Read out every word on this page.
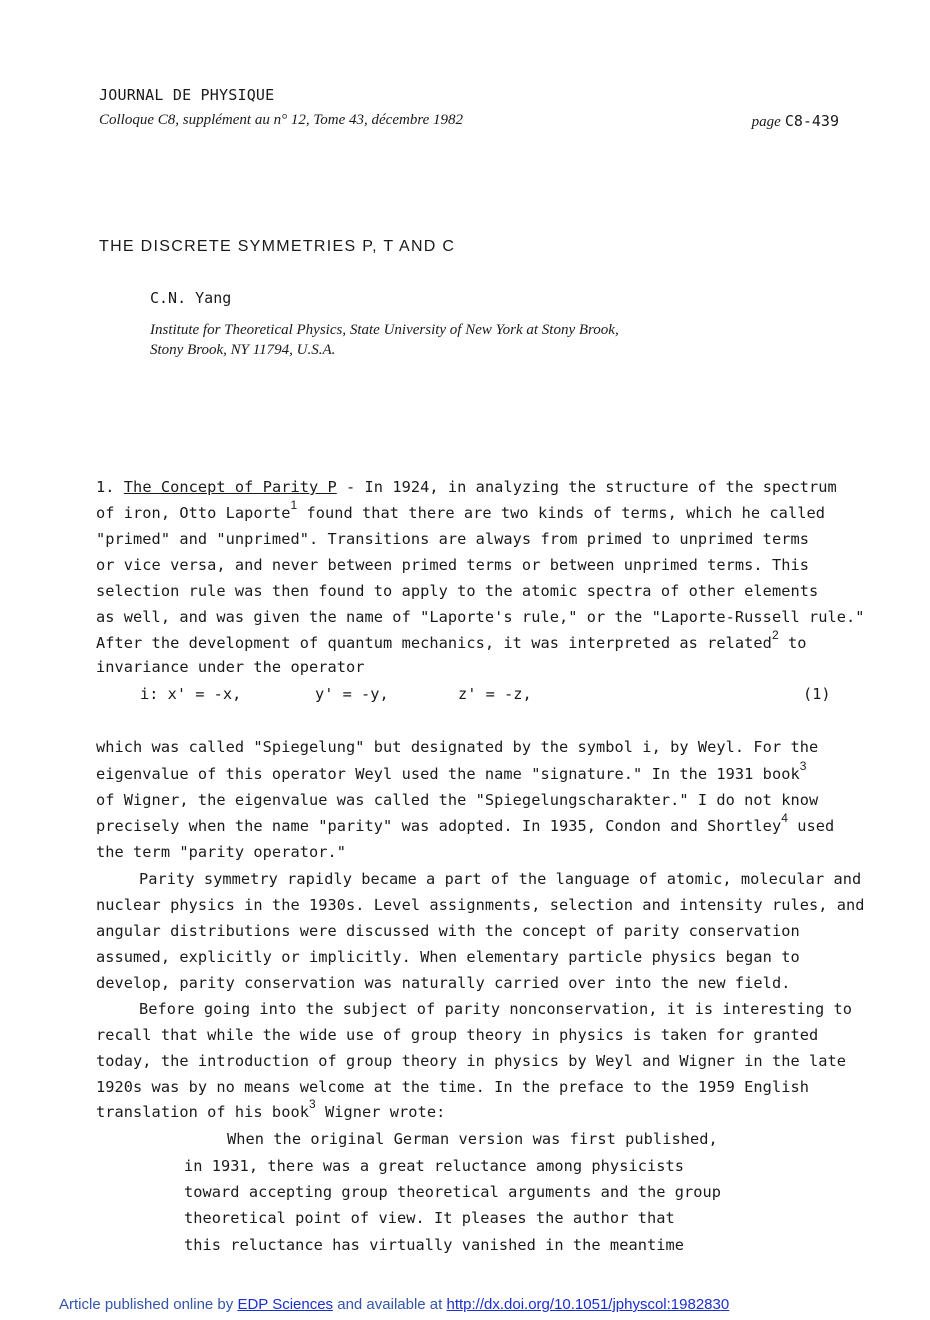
JOURNAL DE PHYSIQUE
Colloque C8, supplément au n° 12, Tome 43, décembre 1982	page C8-439
THE DISCRETE SYMMETRIES P, T AND C
C.N. Yang
Institute for Theoretical Physics, State University of New York at Stony Brook,
Stony Brook, NY 11794, U.S.A.
1. The Concept of Parity P - In 1924, in analyzing the structure of the spectrum
of iron, Otto Laporte$^1$ found that there are two kinds of terms, which he called
"primed" and "unprimed". Transitions are always from primed to unprimed terms
or vice versa, and never between primed terms or between unprimed terms. This
selection rule was then found to apply to the atomic spectra of other elements
as well, and was given the name of "Laporte's rule," or the "Laporte-Russell rule."
After the development of quantum mechanics, it was interpreted as related$^2$ to
invariance under the operator
i: x' = -x,	y' = -y,	z' = -z,	(1)
which was called "Spiegelung" but designated by the symbol i, by Weyl. For the
eigenvalue of this operator Weyl used the name "signature." In the 1931 book$^3$
of Wigner, the eigenvalue was called the "Spiegelungscharakter." I do not know
precisely when the name "parity" was adopted. In 1935, Condon and Shortley$^4$ used
the term "parity operator."
Parity symmetry rapidly became a part of the language of atomic, molecular and
nuclear physics in the 1930s. Level assignments, selection and intensity rules, and
angular distributions were discussed with the concept of parity conservation
assumed, explicitly or implicitly. When elementary particle physics began to
develop, parity conservation was naturally carried over into the new field.
Before going into the subject of parity nonconservation, it is interesting to
recall that while the wide use of group theory in physics is taken for granted
today, the introduction of group theory in physics by Weyl and Wigner in the late
1920s was by no means welcome at the time. In the preface to the 1959 English
translation of his book$^3$ Wigner wrote:
When the original German version was first published,
in 1931, there was a great reluctance among physicists
toward accepting group theoretical arguments and the group
theoretical point of view. It pleases the author that
this reluctance has virtually vanished in the meantime
Article published online by EDP Sciences and available at http://dx.doi.org/10.1051/jphyscol:1982830
